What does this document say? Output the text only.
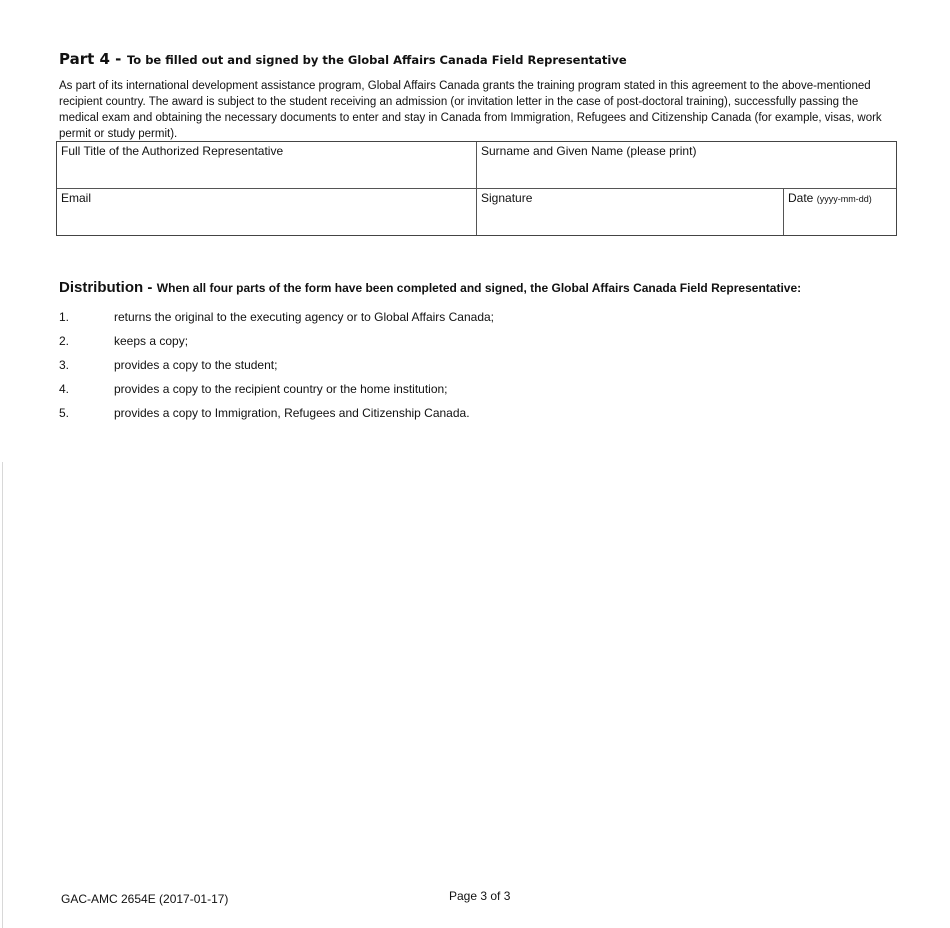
Part 4 - To be filled out and signed by the Global Affairs Canada Field Representative
As part of its international development assistance program, Global Affairs Canada grants the training program stated in this agreement to the above-mentioned recipient country. The award is subject to the student receiving an admission (or invitation letter in the case of post-doctoral training), successfully passing the medical exam and obtaining the necessary documents to enter and stay in Canada from Immigration, Refugees and Citizenship Canada (for example, visas, work permit or study permit).
Full Title of the Authorized Representative	Surname and Given Name (please print)
Email	Signature	Date (yyyy-mm-dd)
Distribution - When all four parts of the form have been completed and signed, the Global Affairs Canada Field Representative:
1.	returns the original to the executing agency or to Global Affairs Canada;
2.	keeps a copy;
3.	provides a copy to the student;
4.	provides a copy to the recipient country or the home institution;
5.	provides a copy to Immigration, Refugees and Citizenship Canada.
GAC-AMC 2654E (2017-01-17)	Page 3 of 3
